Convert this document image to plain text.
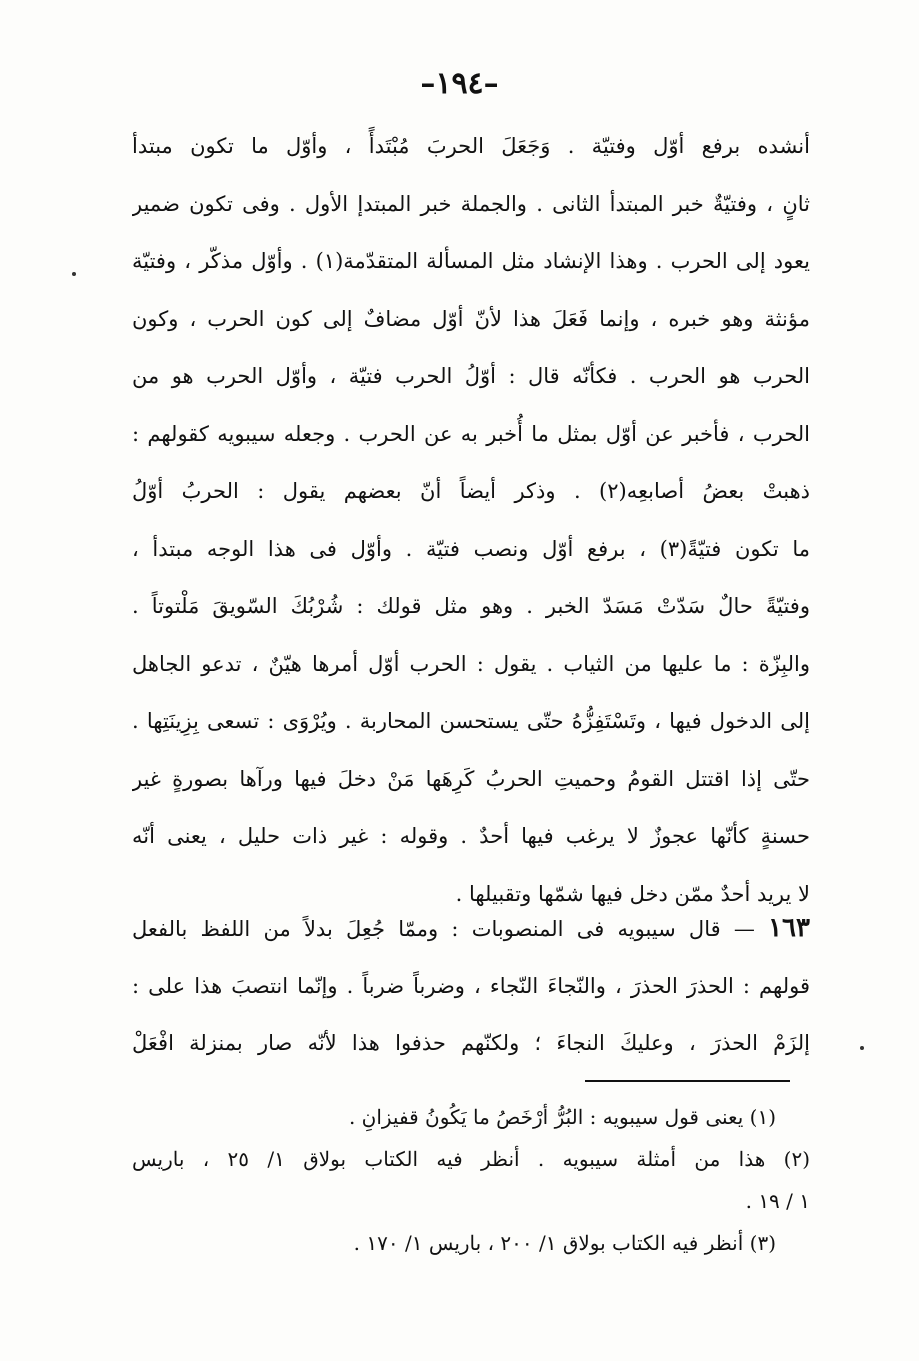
–١٩٤–
أنشده برفع أوّل وفتيّة . وَجَعَلَ الحربَ مُبْتَدأً ، وأوّل ما تكون مبتدأ
ثانٍ ، وفتيّةٌ خبر المبتدأ الثانى . والجملة خبر المبتدإ الأول . وفى تكون ضمير
يعود إلى الحرب . وهذا الإنشاد مثل المسألة المتقدّمة(١) . وأوّل مذكّر ، وفتيّة
مؤنثة وهو خبره ، وإنما فَعَلَ هذا لأنّ أوّل مضافٌ إلى كون الحرب ، وكون
الحرب هو الحرب . فكأنّه قال : أوّلُ الحرب فتيّة ، وأوّل الحرب هو من
الحرب ، فأخبر عن أوّل بمثل ما أُخبر به عن الحرب . وجعله سيبويه كقولهم :
ذهبتْ بعضُ أصابعِه(٢) . وذكر أيضاً أنّ بعضهم يقول : الحربُ أوّلُ
ما تكون فتيّةً(٣) ، برفع أوّل ونصب فتيّة . وأوّل فى هذا الوجه مبتدأ ،
وفتيّةً حالٌ سَدّتْ مَسَدّ الخبر . وهو مثل قولك : شُرْبُكَ السّويقَ مَلْتوتاً .
والبِزّة : ما عليها من الثياب . يقول : الحرب أوّل أمرها هيّنٌ ، تدعو الجاهل
إلى الدخول فيها ، وتَسْتَفِزُّهُ حتّى يستحسن المحاربة . ويُرْوَى : تسعى بِزِينَتِها .
حتّى إذا اقتتل القومُ وحميتِ الحربُ كَرِهَها مَنْ دخلَ فيها ورآها بصورةٍ غير
حسنةٍ كأنّها عجوزٌ لا يرغب فيها أحدٌ . وقوله : غير ذات حليل ، يعنى أنّه
لا يريد أحدٌ ممّن دخل فيها شمّها وتقبيلها .
١٦٣ — قال سيبويه فى المنصوبات : وممّا جُعِلَ بدلاً من اللفظ بالفعل
قولهم : الحذرَ الحذرَ ، والنّجاءَ النّجاء ، وضرباً ضرباً . وإنّما انتصبَ هذا على :
إلزَمْ الحذرَ ، وعليكَ النجاءَ ؛ ولكنّهم حذفوا هذا لأنّه صار بمنزلة افْعَلْ
(١) يعنى قول سيبويه : البُرُّ أرْخَصُ ما يَكُونُ قفيزانِ .
(٢) هذا من أمثلة سيبويه . أنظر فيه الكتاب بولاق ١/ ٢٥ ، باريس
١ / ١٩ .
(٣) أنظر فيه الكتاب بولاق ١/ ٢٠٠ ، باريس ١/ ١٧٠ .
